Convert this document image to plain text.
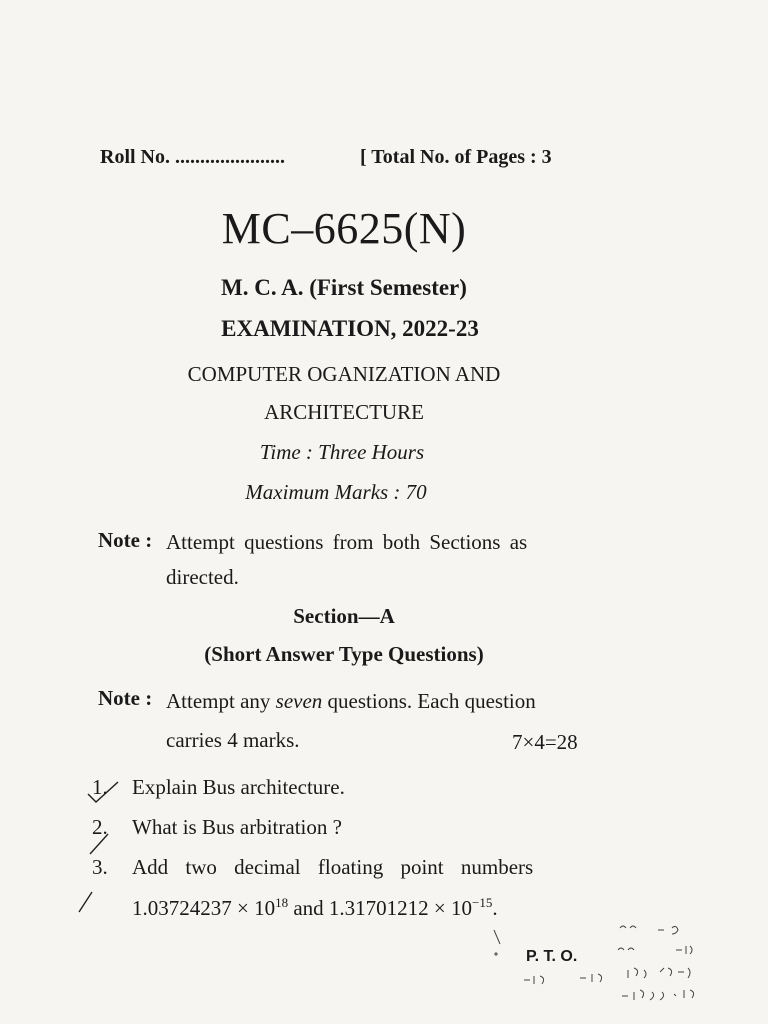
Roll No. ......................	[ Total No. of Pages : 3
MC–6625(N)
M. C. A. (First Semester)
EXAMINATION, 2022-23
COMPUTER OGANIZATION AND
ARCHITECTURE
Time : Three Hours
Maximum Marks : 70
Note : Attempt questions from both Sections as
directed.
Section—A
(Short Answer Type Questions)
Note : Attempt any seven questions. Each question
carries 4 marks.	7×4=28
1. Explain Bus architecture.
2. What is Bus arbitration ?
3. Add two decimal floating point numbers
$1.03724237 \times 10^{18}$ and $1.31701212 \times 10^{-15}$.
P. T. O.
